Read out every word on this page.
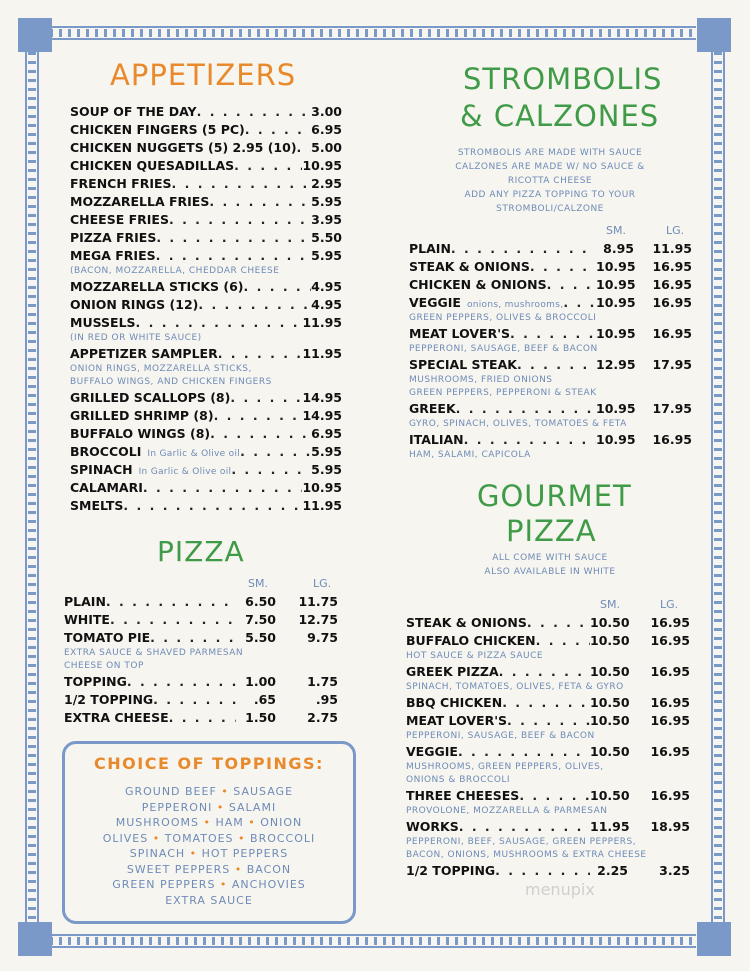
APPETIZERS
SOUP OF THE DAY . . .	3.00
CHICKEN FINGERS (5 PC) . . .	6.95
CHICKEN NUGGETS (5) 2.95 (10) . . . 5.00
CHICKEN QUESADILLAS . . .	10.95
FRENCH FRIES . . .	2.95
MOZZARELLA FRIES . . .	5.95
CHEESE FRIES . . .	3.95
PIZZA FRIES . . .	5.50
MEGA FRIES . . .	5.95
(BACON, MOZZARELLA, CHEDDAR CHEESE
MOZZARELLA STICKS (6) . . .	4.95
ONION RINGS (12) . . .	4.95
MUSSELS . . .	11.95
(IN RED OR WHITE SAUCE)
APPETIZER SAMPLER . . .	11.95
ONION RINGS, MOZZARELLA STICKS,
BUFFALO WINGS, AND CHICKEN FINGERS
GRILLED SCALLOPS (8) . . .	14.95
GRILLED SHRIMP (8) . . .	14.95
BUFFALO WINGS (8) . . .	6.95
BROCCOLI In Garlic & Olive oil . . .	5.95
SPINACH In Garlic & Olive oil . . .	5.95
CALAMARI . . .	10.95
SMELTS . . .	11.95
PIZZA
SM.	LG.
PLAIN . . .	6.50	11.75
WHITE . . .	7.50	12.75
TOMATO PIE . . .	5.50	9.75
EXTRA SAUCE & SHAVED PARMESAN
CHEESE ON TOP
TOPPING . . .	1.00	1.75
1/2 TOPPING . . .	.65	.95
EXTRA CHEESE . . .	1.50	2.75
CHOICE OF TOPPINGS:
GROUND BEEF • SAUSAGE
PEPPERONI • SALAMI
MUSHROOMS • HAM • ONION
OLIVES • TOMATOES • BROCCOLI
SPINACH • HOT PEPPERS
SWEET PEPPERS • BACON
GREEN PEPPERS • ANCHOVIES
EXTRA SAUCE
STROMBOLIS
& CALZONES
STROMBOLIS ARE MADE WITH SAUCE
CALZONES ARE MADE W/ NO SAUCE &
RICOTTA CHEESE
ADD ANY PIZZA TOPPING TO YOUR
STROMBOLI/CALZONE
SM.	LG.
PLAIN . . .	8.95	11.95
STEAK & ONIONS . . .	10.95	16.95
CHICKEN & ONIONS . . .	10.95	16.95
VEGGIE onions, mushrooms, . . .	10.95	16.95
GREEN PEPPERS, OLIVES & BROCCOLI
MEAT LOVER'S . . .	10.95	16.95
PEPPERONI, SAUSAGE, BEEF & BACON
SPECIAL STEAK . . .	12.95	17.95
MUSHROOMS, FRIED ONIONS
GREEN PEPPERS, PEPPERONI & STEAK
GREEK . . .	10.95	17.95
GYRO, SPINACH, OLIVES, TOMATOES & FETA
ITALIAN . . .	10.95	16.95
HAM, SALAMI, CAPICOLA
GOURMET
PIZZA
ALL COME WITH SAUCE
ALSO AVAILABLE IN WHITE
SM.	LG.
STEAK & ONIONS . . .	10.50	16.95
BUFFALO CHICKEN . . .	10.50	16.95
HOT SAUCE & PIZZA SAUCE
GREEK PIZZA . . .	10.50	16.95
SPINACH, TOMATOES, OLIVES, FETA & GYRO
BBQ CHICKEN . . .	10.50	16.95
MEAT LOVER'S . . .	10.50	16.95
PEPPERONI, SAUSAGE, BEEF & BACON
VEGGIE . . .	10.50	16.95
MUSHROOMS, GREEN PEPPERS, OLIVES,
ONIONS & BROCCOLI
THREE CHEESES . . .	10.50	16.95
PROVOLONE, MOZZARELLA & PARMESAN
WORKS . . .	11.95	18.95
PEPPERONI, BEEF, SAUSAGE, GREEN PEPPERS,
BACON, ONIONS, MUSHROOMS & EXTRA CHEESE
1/2 TOPPING . . .	2.25	3.25
menupix
